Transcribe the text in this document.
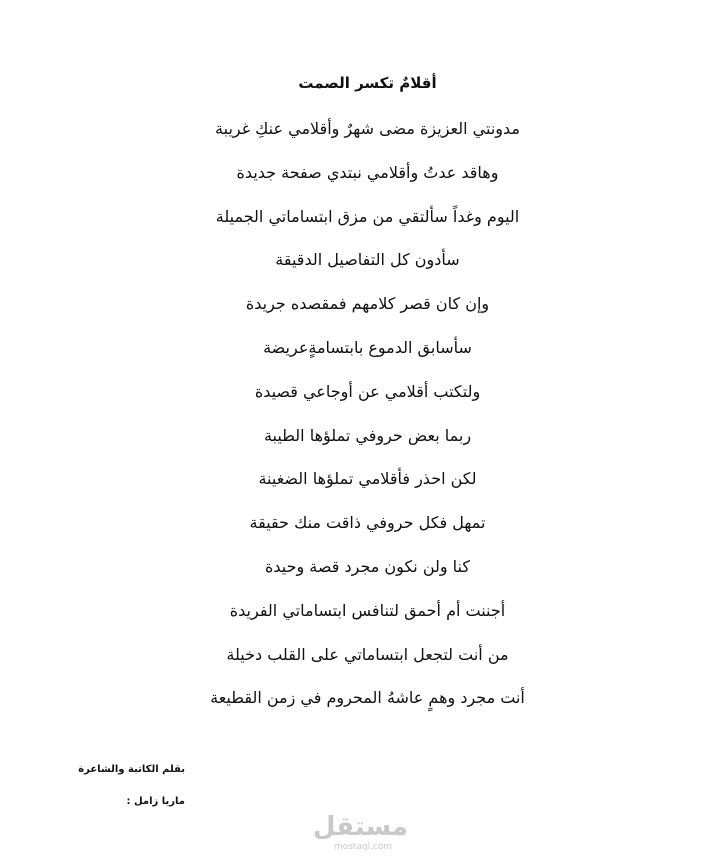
أقلامٌ تكسر الصمت
مدونتي العزيزة مضى شهرٌ وأقلامي عنكِ غريبة
وهاقد عدتُ وأقلامي نبتدي صفحة جديدة
اليوم وغداً سألتقي من مزق ابتساماتي الجميلة
سأدون كل التفاصيل الدقيقة
وإن كان قصر كلامهم فمقصده جريدة
سأسابق الدموع بابتسامةٍعريضة
ولتكتب أقلامي عن أوجاعي قصيدة
ربما بعض حروفي تملؤها الطيبة
لكن احذر فأقلامي تملؤها الضغينة
تمهل فكل حروفي ذاقت منك حقيقة
كنا ولن نكون مجرد قصة وحيدة
أجننت أم أحمق لتنافس ابتساماتي الفريدة
من أنت لتجعل ابتساماتي على القلب دخيلة
أنت مجرد وهمٍ عاشهُ المحروم في زمن القطيعة
بقلم الكاتبة والشاعرة
ماريا زامل :
مستقل
mostaql.com
